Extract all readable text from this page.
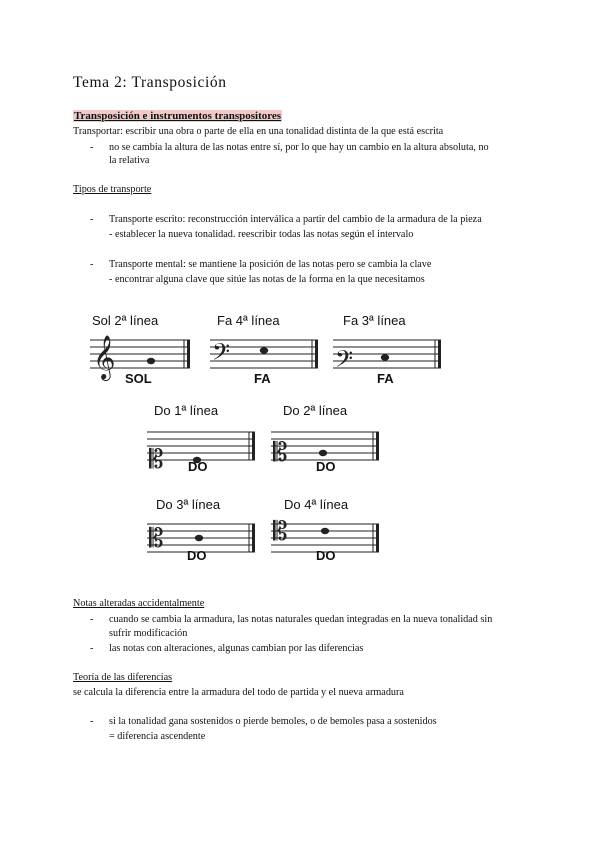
Tema 2: Transposición
Transposición e instrumentos transpositores
Transportar: escribir una obra o parte de ella en una tonalidad distinta de la que está escrita
- no se cambia la altura de las notas entre sí, por lo que hay un cambio en la altura absoluta, no
la relativa
Tipos de transporte
- Transporte escrito: reconstrucción interválica a partir del cambio de la armadura de la pieza
- establecer la nueva tonalidad. reescribir todas las notas según el intervalo
- Transporte mental: se mantiene la posición de las notas pero se cambia la clave
- encontrar alguna clave que sitúe las notas de la forma en la que necesitamos
Sol 2ª línea
𝄞 SOL
Fa 4ª línea
𝄢
FA
Fa 3ª línea
𝄢
FA
Do 1ª línea
𝄡 DO
Do 2ª línea
𝄡 DO
Do 3ª línea
𝄡
DO
Do 4ª línea
𝄡
DO
Notas alteradas accidentalmente
- cuando se cambia la armadura, las notas naturales quedan integradas en la nueva tonalidad sin
sufrir modificación
- las notas con alteraciones, algunas cambian por las diferencias
Teoría de las diferencias
se calcula la diferencia entre la armadura del todo de partida y el nueva armadura
- si la tonalidad gana sostenidos o pierde bemoles, o de bemoles pasa a sostenidos
= diferencia ascendente
